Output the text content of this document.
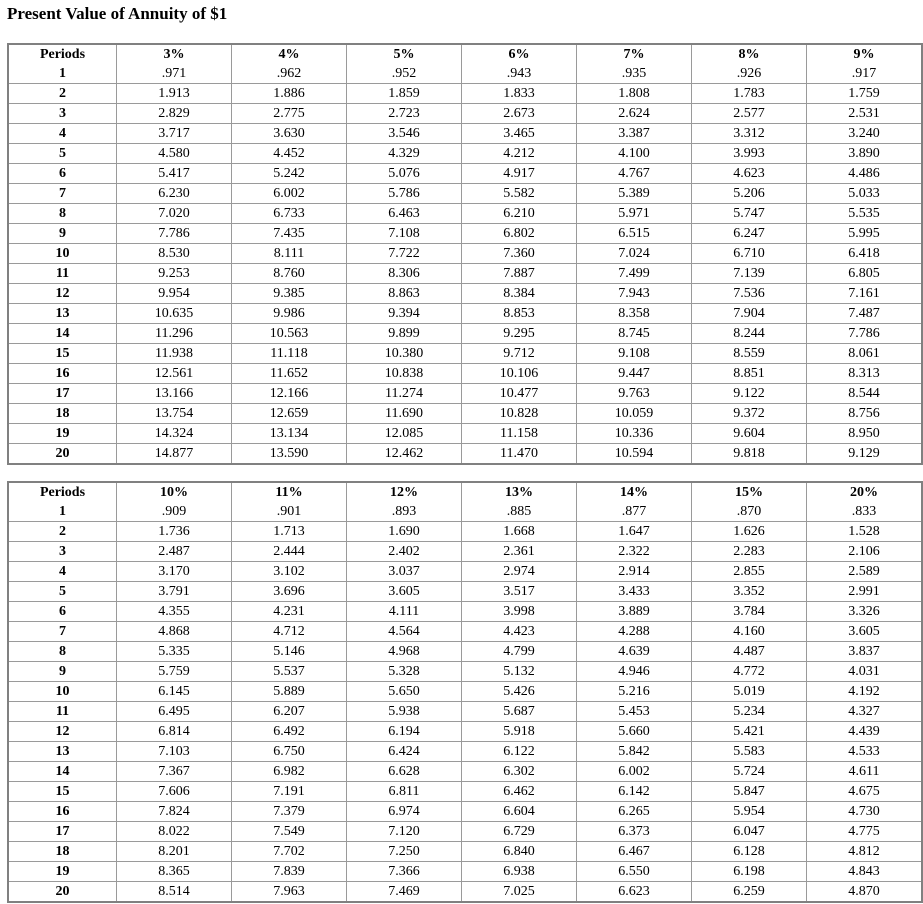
Present Value of Annuity of $1
Periods	3%	4%	5%	6%	7%	8%	9%
1	.971	.962	.952	.943	.935	.926	.917
2	1.913	1.886	1.859	1.833	1.808	1.783	1.759
3	2.829	2.775	2.723	2.673	2.624	2.577	2.531
4	3.717	3.630	3.546	3.465	3.387	3.312	3.240
5	4.580	4.452	4.329	4.212	4.100	3.993	3.890
6	5.417	5.242	5.076	4.917	4.767	4.623	4.486
7	6.230	6.002	5.786	5.582	5.389	5.206	5.033
8	7.020	6.733	6.463	6.210	5.971	5.747	5.535
9	7.786	7.435	7.108	6.802	6.515	6.247	5.995
10	8.530	8.111	7.722	7.360	7.024	6.710	6.418
11	9.253	8.760	8.306	7.887	7.499	7.139	6.805
12	9.954	9.385	8.863	8.384	7.943	7.536	7.161
13	10.635	9.986	9.394	8.853	8.358	7.904	7.487
14	11.296	10.563	9.899	9.295	8.745	8.244	7.786
15	11.938	11.118	10.380	9.712	9.108	8.559	8.061
16	12.561	11.652	10.838	10.106	9.447	8.851	8.313
17	13.166	12.166	11.274	10.477	9.763	9.122	8.544
18	13.754	12.659	11.690	10.828	10.059	9.372	8.756
19	14.324	13.134	12.085	11.158	10.336	9.604	8.950
20	14.877	13.590	12.462	11.470	10.594	9.818	9.129
Periods	10%	11%	12%	13%	14%	15%	20%
1	.909	.901	.893	.885	.877	.870	.833
2	1.736	1.713	1.690	1.668	1.647	1.626	1.528
3	2.487	2.444	2.402	2.361	2.322	2.283	2.106
4	3.170	3.102	3.037	2.974	2.914	2.855	2.589
5	3.791	3.696	3.605	3.517	3.433	3.352	2.991
6	4.355	4.231	4.111	3.998	3.889	3.784	3.326
7	4.868	4.712	4.564	4.423	4.288	4.160	3.605
8	5.335	5.146	4.968	4.799	4.639	4.487	3.837
9	5.759	5.537	5.328	5.132	4.946	4.772	4.031
10	6.145	5.889	5.650	5.426	5.216	5.019	4.192
11	6.495	6.207	5.938	5.687	5.453	5.234	4.327
12	6.814	6.492	6.194	5.918	5.660	5.421	4.439
13	7.103	6.750	6.424	6.122	5.842	5.583	4.533
14	7.367	6.982	6.628	6.302	6.002	5.724	4.611
15	7.606	7.191	6.811	6.462	6.142	5.847	4.675
16	7.824	7.379	6.974	6.604	6.265	5.954	4.730
17	8.022	7.549	7.120	6.729	6.373	6.047	4.775
18	8.201	7.702	7.250	6.840	6.467	6.128	4.812
19	8.365	7.839	7.366	6.938	6.550	6.198	4.843
20	8.514	7.963	7.469	7.025	6.623	6.259	4.870
